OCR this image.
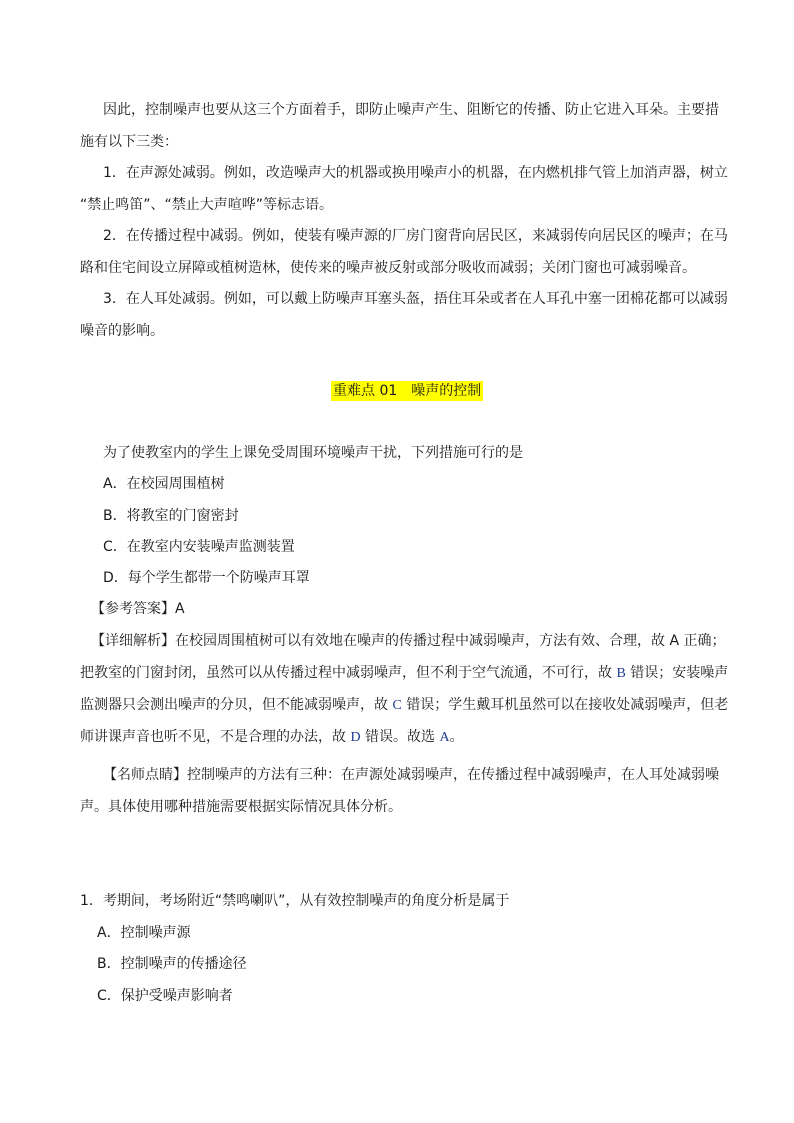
因此，控制噪声也要从这三个方面着手，即防止噪声产生、阻断它的传播、防止它进入耳朵。主要措
施有以下三类：
1．在声源处减弱。例如，改造噪声大的机器或换用噪声小的机器，在内燃机排气管上加消声器，树立
“禁止鸣笛”、“禁止大声喧哗”等标志语。
2．在传播过程中减弱。例如，使装有噪声源的厂房门窗背向居民区，来减弱传向居民区的噪声；在马
路和住宅间设立屏障或植树造林，使传来的噪声被反射或部分吸收而减弱；关闭门窗也可减弱噪音。
3．在人耳处减弱。例如，可以戴上防噪声耳塞头盔，捂住耳朵或者在人耳孔中塞一团棉花都可以减弱
噪音的影响。
重难点 01　噪声的控制
为了使教室内的学生上课免受周围环境噪声干扰，下列措施可行的是
A．在校园周围植树
B．将教室的门窗密封
C．在教室内安装噪声监测装置
D．每个学生都带一个防噪声耳罩
【参考答案】A
【详细解析】在校园周围植树可以有效地在噪声的传播过程中减弱噪声，方法有效、合理，故 A 正确；
把教室的门窗封闭，虽然可以从传播过程中减弱噪声，但不利于空气流通，不可行，故 B 错误；安装噪声
监测器只会测出噪声的分贝，但不能减弱噪声，故 C 错误；学生戴耳机虽然可以在接收处减弱噪声，但老
师讲课声音也听不见，不是合理的办法，故 D 错误。故选 A。
【名师点睛】控制噪声的方法有三种：在声源处减弱噪声，在传播过程中减弱噪声，在人耳处减弱噪
声。具体使用哪种措施需要根据实际情况具体分析。
1．考期间，考场附近“禁鸣喇叭”，从有效控制噪声的角度分析是属于
A．控制噪声源
B．控制噪声的传播途径
C．保护受噪声影响者
